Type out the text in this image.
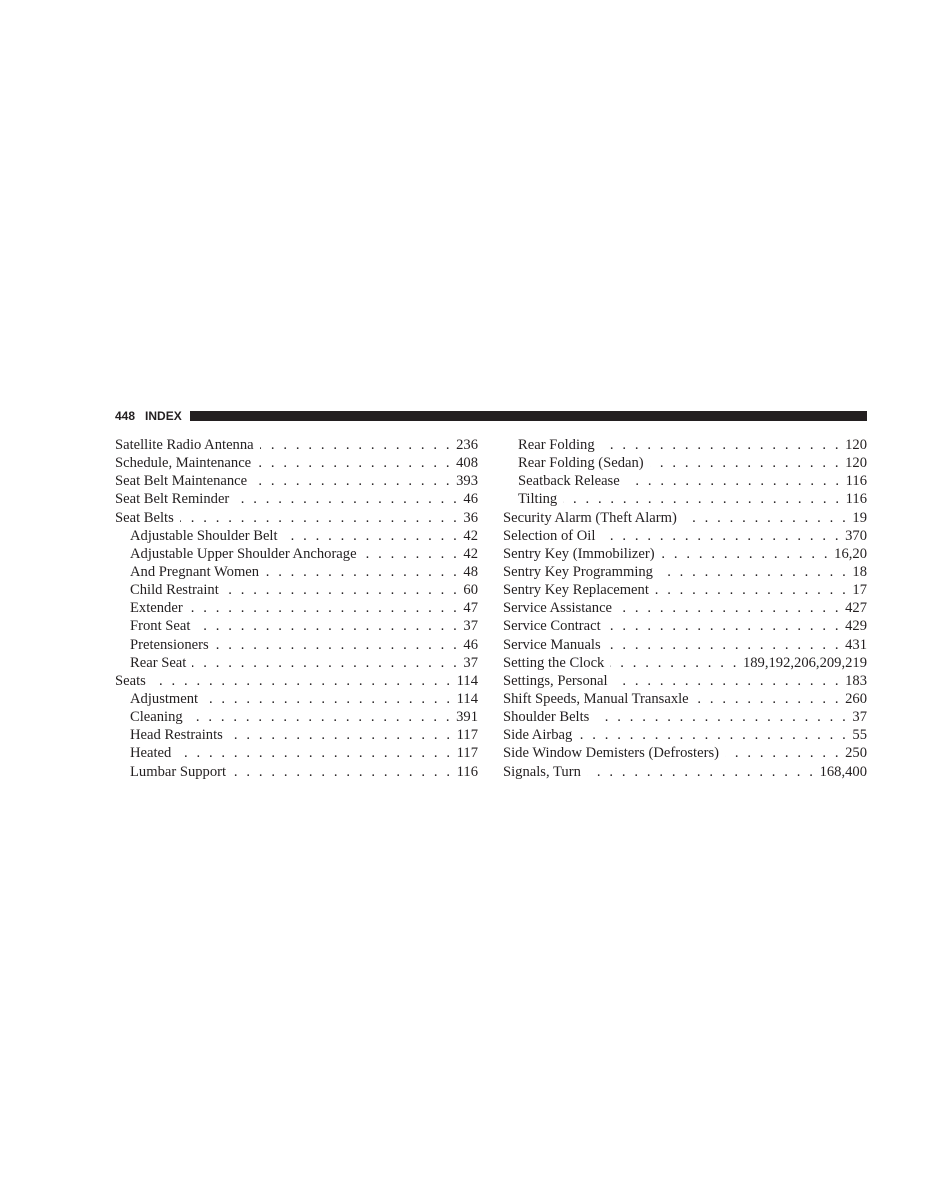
448 INDEX
Satellite Radio Antenna . . .	236
Schedule, Maintenance . . .	408
Seat Belt Maintenance . . .	393
Seat Belt Reminder . . .	46
Seat Belts . . .	36
Adjustable Shoulder Belt . . .	42
Adjustable Upper Shoulder Anchorage . . .	42
And Pregnant Women . . .	48
Child Restraint . . .	60
Extender . . .	47
Front Seat . . .	37
Pretensioners . . .	46
Rear Seat . . .	37
Seats . . .	114
Adjustment . . .	114
Cleaning . . .	391
Head Restraints . . .	117
Heated . . .	117
Lumbar Support . . .	116
Rear Folding . . .	120
Rear Folding (Sedan) . . .	120
Seatback Release . . .	116
Tilting . . .	116
Security Alarm (Theft Alarm) . . .	19
Selection of Oil . . .	370
Sentry Key (Immobilizer) . . .	16,20
Sentry Key Programming . . .	18
Sentry Key Replacement . . .	17
Service Assistance . . .	427
Service Contract . . .	429
Service Manuals . . .	431
Setting the Clock . . .	189,192,206,209,219
Settings, Personal . . .	183
Shift Speeds, Manual Transaxle . . .	260
Shoulder Belts . . .	37
Side Airbag . . .	55
Side Window Demisters (Defrosters) . . .	250
Signals, Turn . . .	168,400
